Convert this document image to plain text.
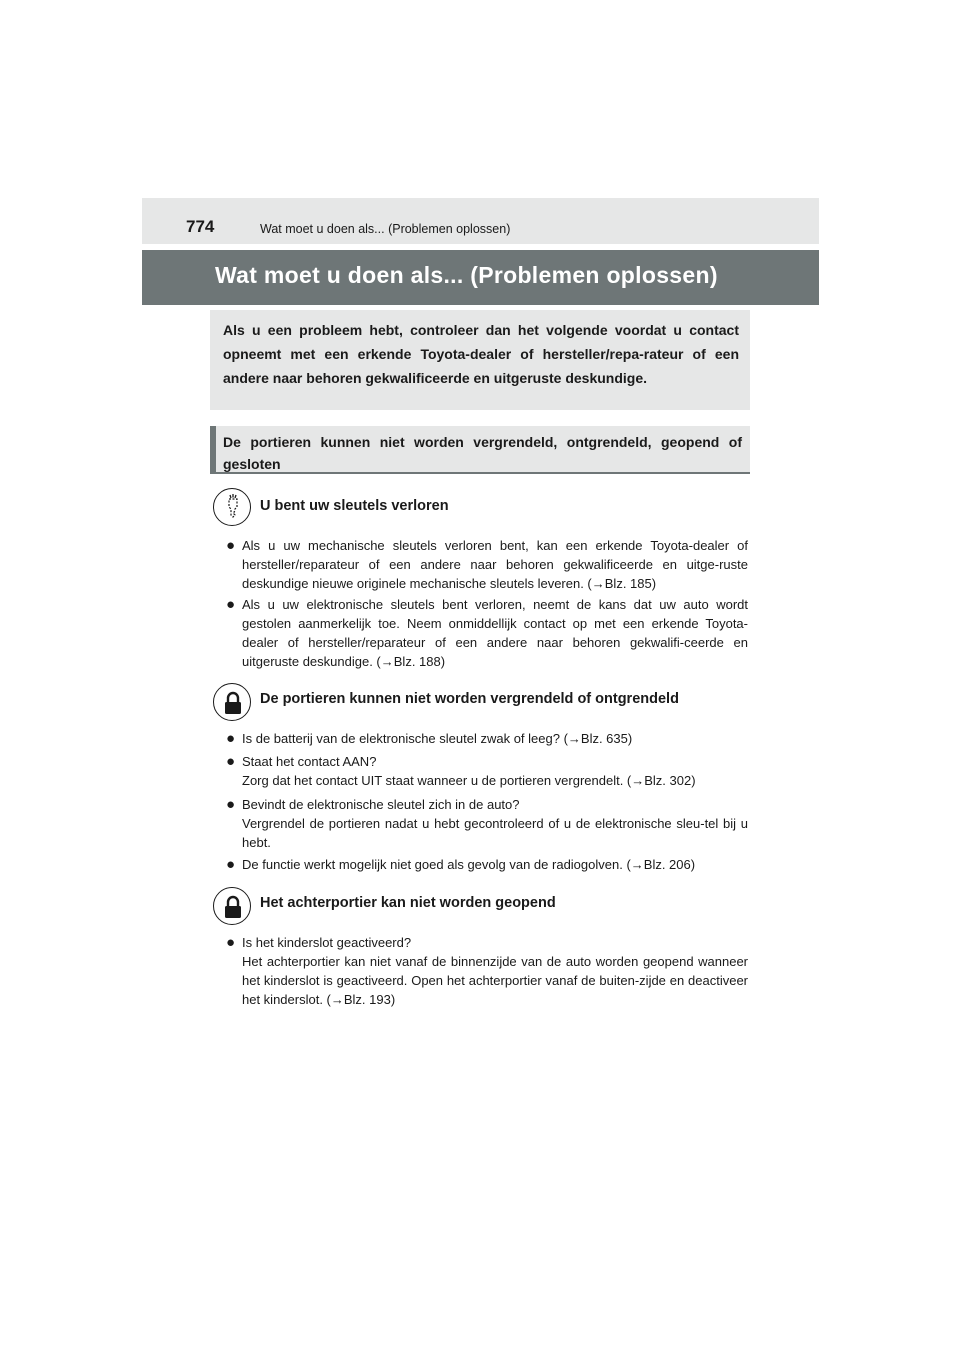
774	Wat moet u doen als... (Problemen oplossen)
Wat moet u doen als... (Problemen oplossen)
Als u een probleem hebt, controleer dan het volgende voordat u contact opneemt met een erkende Toyota-dealer of hersteller/repa-rateur of een andere naar behoren gekwalificeerde en uitgeruste deskundige.
De portieren kunnen niet worden vergrendeld, ontgrendeld, geopend of gesloten
U bent uw sleutels verloren
● Als u uw mechanische sleutels verloren bent, kan een erkende Toyota-dealer of hersteller/reparateur of een andere naar behoren gekwalificeerde en uitge-ruste deskundige nieuwe originele mechanische sleutels leveren. (→Blz. 185)
● Als u uw elektronische sleutels bent verloren, neemt de kans dat uw auto wordt gestolen aanmerkelijk toe. Neem onmiddellijk contact op met een erkende Toyota-dealer of hersteller/reparateur of een andere naar behoren gekwalifi-ceerde en uitgeruste deskundige. (→Blz. 188)
De portieren kunnen niet worden vergrendeld of ontgrendeld
● Is de batterij van de elektronische sleutel zwak of leeg? (→Blz. 635)
● Staat het contact AAN?
Zorg dat het contact UIT staat wanneer u de portieren vergrendelt. (→Blz. 302)
● Bevindt de elektronische sleutel zich in de auto?
Vergrendel de portieren nadat u hebt gecontroleerd of u de elektronische sleu-tel bij u hebt.
● De functie werkt mogelijk niet goed als gevolg van de radiogolven. (→Blz. 206)
Het achterportier kan niet worden geopend
● Is het kinderslot geactiveerd?
Het achterportier kan niet vanaf de binnenzijde van de auto worden geopend wanneer het kinderslot is geactiveerd. Open het achterportier vanaf de buiten-zijde en deactiveer het kinderslot. (→Blz. 193)
